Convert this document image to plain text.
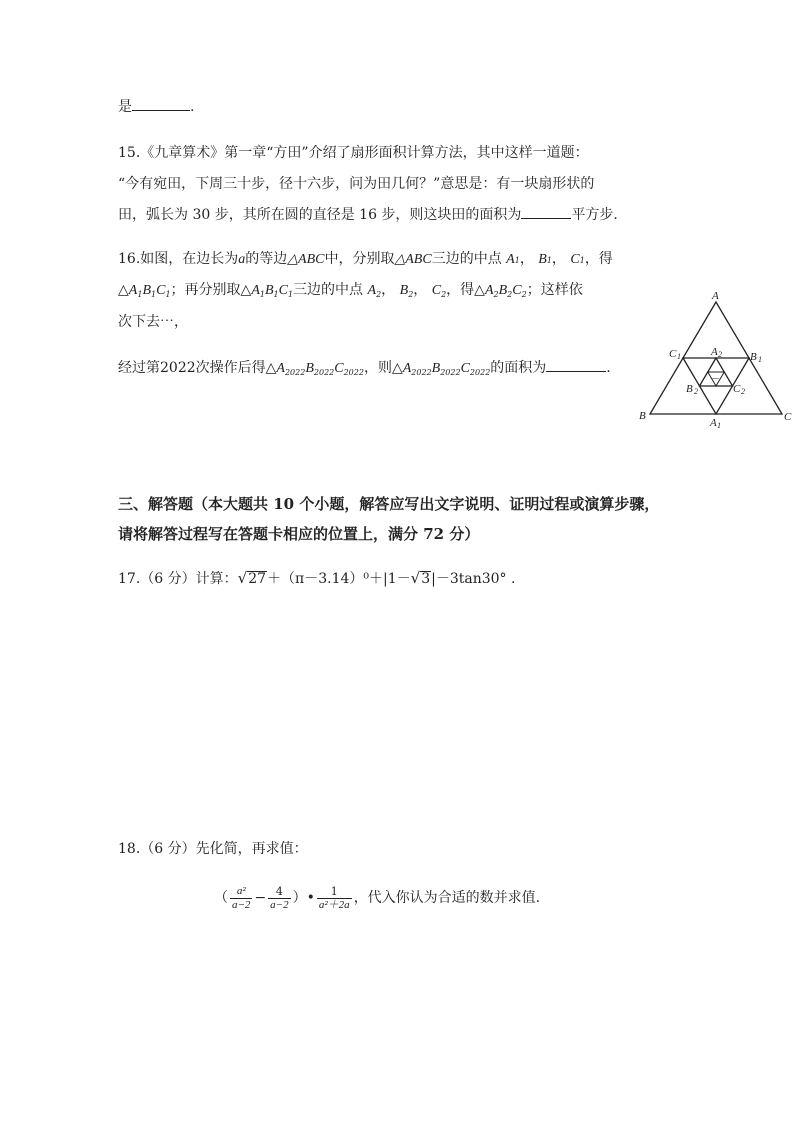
是	.
15.《九章算术》第一章“方田”介绍了扇形面积计算方法，其中这样一道题：
“今有宛田，下周三十步，径十六步，问为田几何？”意思是：有一块扇形状的
田，弧长为 30 步，其所在圆的直径是 16 步，则这块田的面积为	平方步.
16.如图，在边长为a的等边△ABC中，分别取△ABC三边的中点 A1， B1， C1，得
$\triangle A_1B_1C_1$；再分别取$\triangle A_1B_1C_1$三边的中点 $A_2$， $B_2$， $C_2$，得$\triangle A_2B_2C_2$；这样依
次下去⋯，
经过第2022次操作后得$\triangle A_{2022}B_{2022}C_{2022}$，则$\triangle A_{2022}B_{2022}C_{2022}$的面积为	.
A
B	C
C 1	B 1
A 2
B 2	C 2
A 1
—
三、解答题（本大题共 10 个小题，解答应写出文字说明、证明过程或演算步骤，
请将解答过程写在答题卡相应的位置上，满分 72 分）
17.（6 分）计算：√27＋（π－3.14）⁰＋|1－√3|－3tan30° .
18.（6 分）先化简，再求值：
（ $\frac{\text{a²}}{a-2} - \frac{4}{a-2}$ ）• $\frac{1}{\text{a²＋2a}}$ ，代入你认为合适的数并求值.
